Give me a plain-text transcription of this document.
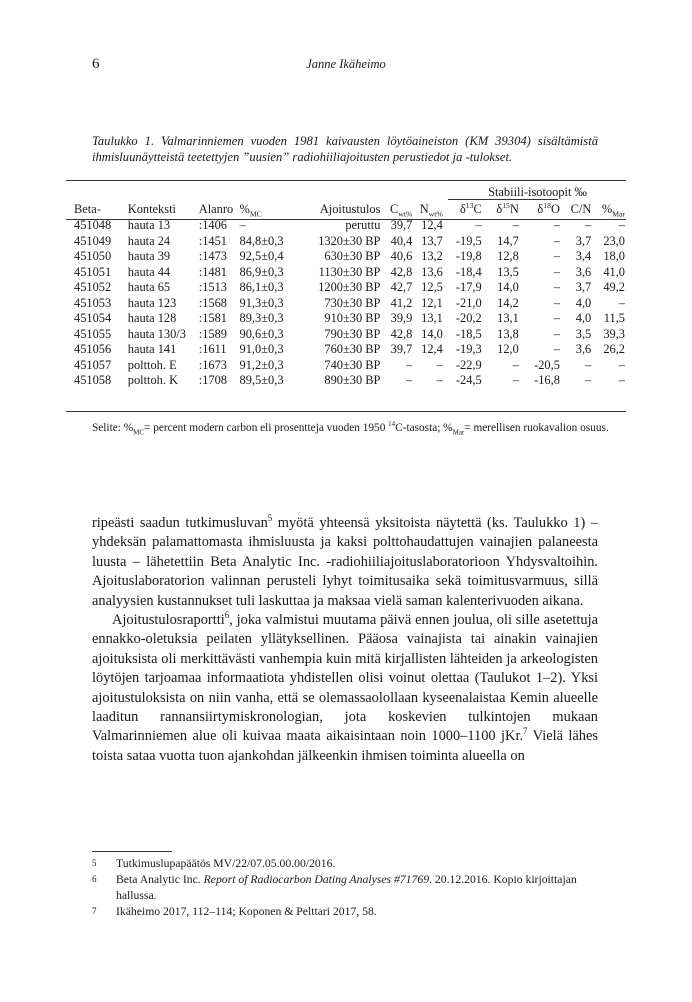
6	Janne Ikäheimo
Taulukko 1. Valmarinniemen vuoden 1981 kaivausten löytöaineiston (KM 39304) sisältämistä ihmisluunäytteistä teetettyjen ”uusien” radiohiiliajoitusten perustiedot ja -tulokset.
								Stabiili-isotoopit ‰			
Beta-	Konteksti	Alanro	$\%_{MC}$	Ajoitustulos	$C_{wt\%}$	$N_{wt\%}$	$\delta^{13}C$	$\delta^{15}N$	$\delta^{18}O$	C/N	$\%_{Mar}$
451048	hauta 13	:1406	–	peruttu	39,7	12,4	–	–	–	–	–
451049	hauta 24	:1451	84,8±0,3	1320±30 BP	40,4	13,7	-19,5	14,7	–	3,7	23,0
451050	hauta 39	:1473	92,5±0,4	630±30 BP	40,6	13,2	-19,8	12,8	–	3,4	18,0
451051	hauta 44	:1481	86,9±0,3	1130±30 BP	42,8	13,6	-18,4	13,5	–	3,6	41,0
451052	hauta 65	:1513	86,1±0,3	1200±30 BP	42,7	12,5	-17,9	14,0	–	3,7	49,2
451053	hauta 123	:1568	91,3±0,3	730±30 BP	41,2	12,1	-21,0	14,2	–	4,0	–
451054	hauta 128	:1581	89,3±0,3	910±30 BP	39,9	13,1	-20,2	13,1	–	4,0	11,5
451055	hauta 130/3	:1589	90,6±0,3	790±30 BP	42,8	14,0	-18,5	13,8	–	3,5	39,3
451056	hauta 141	:1611	91,0±0,3	760±30 BP	39,7	12,4	-19,3	12,0	–	3,6	26,2
451057	polttoh. E	:1673	91,2±0,3	740±30 BP	–	–	-22,9	–	-20,5	–	–
451058	polttoh. K	:1708	89,5±0,3	890±30 BP	–	–	-24,5	–	-16,8	–	–
Selite: $\%_{MC}=$ percent modern carbon eli prosentteja vuoden 1950 $^{14}$C-tasosta; $\%_{Mar}=$ merellisen ruokavalion osuus.

ripeästi saadun tutkimusluvan$^5$ myötä yhteensä yksitoista näytettä (ks. Taulukko 1) – yhdeksän palamattomasta ihmisluusta ja kaksi polttohaudattujen vainajien palaneesta luusta – lähetettiin Beta Analytic Inc. -radiohiiliajoituslaboratorioon Yhdysvaltoihin. Ajoituslaboratorion valinnan perusteli lyhyt toimitusaika sekä toimitusvarmuus, sillä analyysien kustannukset tuli laskuttaa ja maksaa vielä saman kalenterivuoden aikana.

Ajoitustulosraportti$^6$, joka valmistui muutama päivä ennen joulua, oli sille asetettuja ennakko-oletuksia peilaten yllätyksellinen. Pääosa vainajista tai ainakin vainajien ajoituksista oli merkittävästi vanhempia kuin mitä kirjallisten lähteiden ja arkeologisten löytöjen tarjoamaa informaatiota yhdistellen olisi voinut olettaa (Taulukot 1–2). Yksi ajoitustuloksista on niin vanha, että se olemassaolollaan kyseenalaistaa Kemin alueelle laaditun rannansiirtymiskronologian, jota koskevien tulkintojen mukaan Valmarinniemen alue oli kuivaa maata aikaisintaan noin 1000–1100 jKr.$^7$ Vielä lähes toista sataa vuotta tuon ajankohdan jälkeenkin ihmisen toiminta alueella on

5	Tutkimuslupapäätös MV/22/07.05.00.00/2016.
6	Beta Analytic Inc. Report of Radiocarbon Dating Analyses #71769. 20.12.2016. Kopio kirjoittajan hallussa.
7	Ikäheimo 2017, 112–114; Koponen & Pelttari 2017, 58.
